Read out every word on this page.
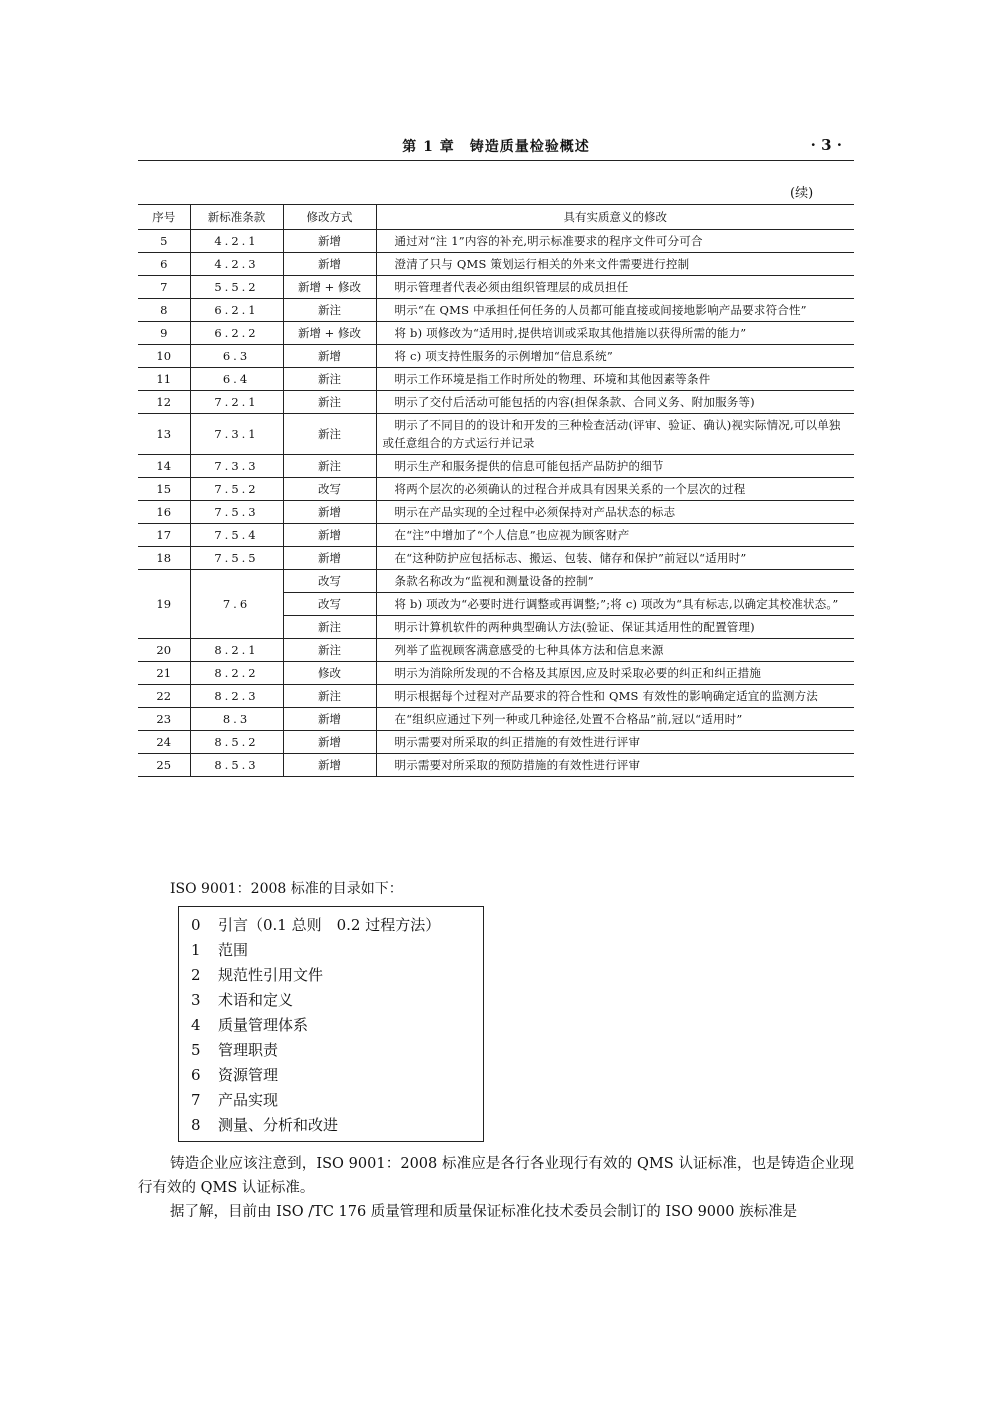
第 1 章　铸造质量检验概述	· 3 ·
(续)
序号	新标准条款	修改方式	具有实质意义的修改
5	4.2.1	新增	通过对“注 1”内容的补充,明示标准要求的程序文件可分可合
6	4.2.3	新增	澄清了只与 QMS 策划运行相关的外来文件需要进行控制
7	5.5.2	新增 + 修改	明示管理者代表必须由组织管理层的成员担任
8	6.2.1	新注	明示“在 QMS 中承担任何任务的人员都可能直接或间接地影响产品要求符合性”
9	6.2.2	新增 + 修改	将 b) 项修改为“适用时,提供培训或采取其他措施以获得所需的能力”
10	6.3	新增	将 c) 项支持性服务的示例增加“信息系统”
11	6.4	新注	明示工作环境是指工作时所处的物理、环境和其他因素等条件
12	7.2.1	新注	明示了交付后活动可能包括的内容(担保条款、合同义务、附加服务等)
13	7.3.1	新注	明示了不同目的的设计和开发的三种检查活动(评审、验证、确认)视实际情况,可以单独或任意组合的方式运行并记录
14	7.3.3	新注	明示生产和服务提供的信息可能包括产品防护的细节
15	7.5.2	改写	将两个层次的必须确认的过程合并成具有因果关系的一个层次的过程
16	7.5.3	新增	明示在产品实现的全过程中必须保持对产品状态的标志
17	7.5.4	新增	在“注”中增加了“个人信息”也应视为顾客财产
18	7.5.5	新增	在“这种防护应包括标志、搬运、包装、储存和保护”前冠以“适用时”
19	7.6	改写	条款名称改为“监视和测量设备的控制”
		改写	将 b) 项改为“必要时进行调整或再调整;”;将 c) 项改为“具有标志,以确定其校准状态。”
		新注	明示计算机软件的两种典型确认方法(验证、保证其适用性的配置管理)
20	8.2.1	新注	列举了监视顾客满意感受的七种具体方法和信息来源
21	8.2.2	修改	明示为消除所发现的不合格及其原因,应及时采取必要的纠正和纠正措施
22	8.2.3	新注	明示根据每个过程对产品要求的符合性和 QMS 有效性的影响确定适宜的监测方法
23	8.3	新增	在“组织应通过下列一种或几种途径,处置不合格品”前,冠以“适用时”
24	8.5.2	新增	明示需要对所采取的纠正措施的有效性进行评审
25	8.5.3	新增	明示需要对所采取的预防措施的有效性进行评审
ISO 9001：2008 标准的目录如下：
0 引言（0.1 总则　0.2 过程方法）
1 范围
2 规范性引用文件
3 术语和定义
4 质量管理体系
5 管理职责
6 资源管理
7 产品实现
8 测量、分析和改进

铸造企业应该注意到，ISO 9001：2008 标准应是各行各业现行有效的 QMS 认证标准，也是铸造企业现行有效的 QMS 认证标准。

据了解，目前由 ISO /TC 176 质量管理和质量保证标准化技术委员会制订的 ISO 9000 族标准是
